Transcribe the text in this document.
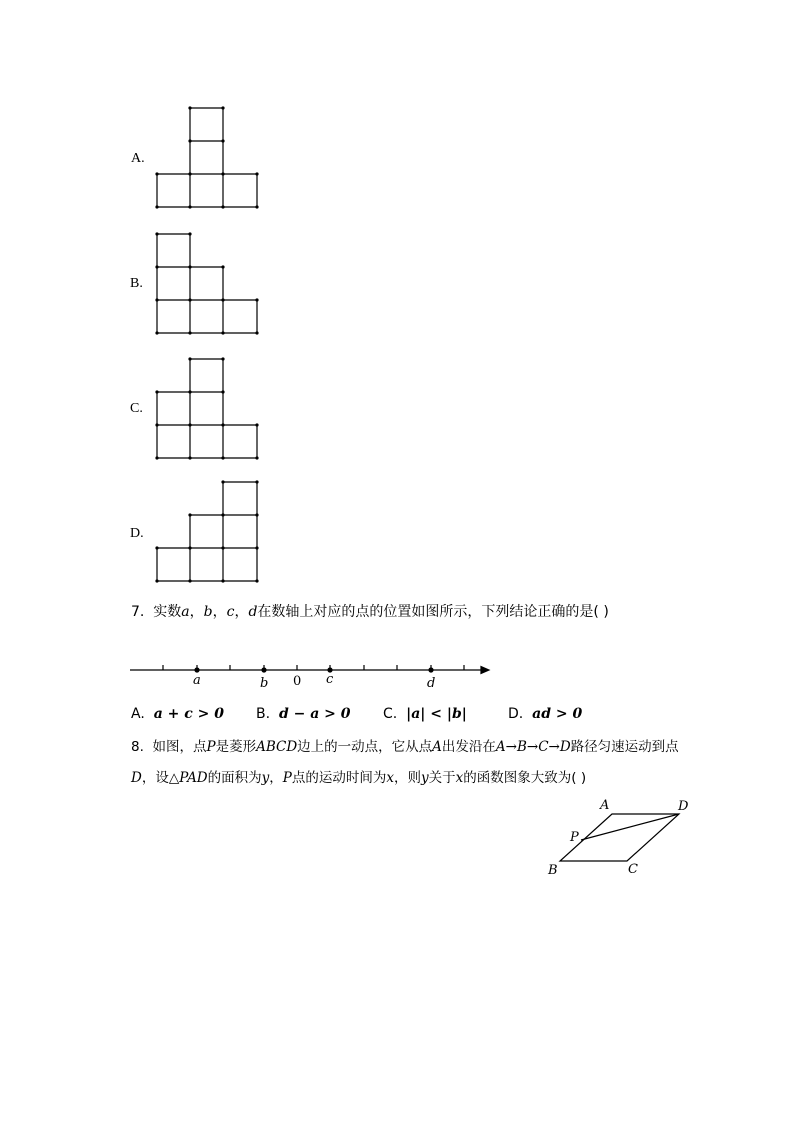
A.
B.
C.
D.
a	b 0 c	d
7. 实数a，b，c，d在数轴上对应的点的位置如图所示，下列结论正确的是( )
A. a + c > 0 B. d − a > 0 C. |a| < |b|	D. ad > 0
8. 如图，点P是菱形ABCD边上的一动点，它从点A出发沿在A→B→C→D路径匀速运动到点
D，设△PAD的面积为y，P点的运动时间为x，则y关于x的函数图象大致为( )
A	D
P
B	C
